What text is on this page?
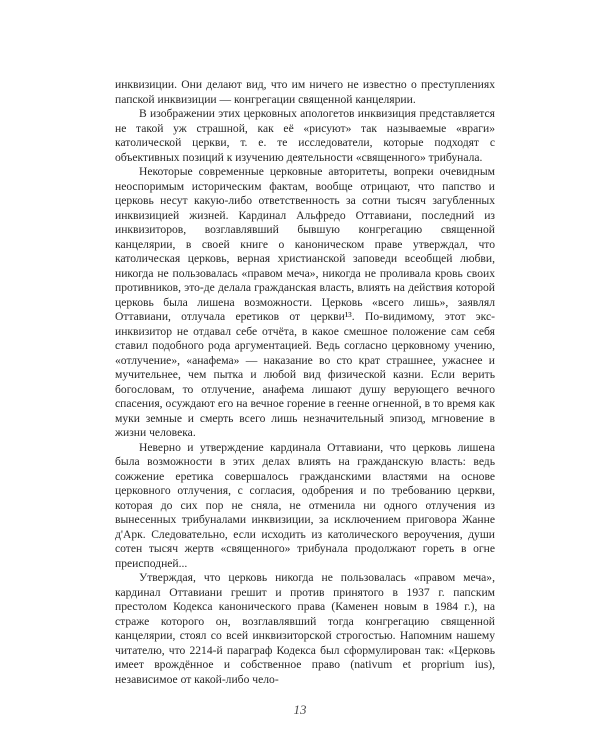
инквизиции. Они делают вид, что им ничего не известно о преступлениях папской инквизиции — конгрегации священной канцелярии.

В изображении этих церковных апологетов инквизиция представляется не такой уж страшной, как её «рисуют» так называемые «враги» католической церкви, т. е. те исследователи, которые подходят с объективных позиций к изучению деятельности «священного» трибунала.

Некоторые современные церковные авторитеты, вопреки очевидным неоспоримым историческим фактам, вообще отрицают, что папство и церковь несут какую-либо ответственность за сотни тысяч загубленных инквизицией жизней. Кардинал Альфредо Оттавиани, последний из инквизиторов, возглавлявший бывшую конгрегацию священной канцелярии, в своей книге о каноническом праве утверждал, что католическая церковь, верная христианской заповеди всеобщей любви, никогда не пользовалась «правом меча», никогда не проливала кровь своих противников, это-де делала гражданская власть, влиять на действия которой церковь была лишена возможности. Церковь «всего лишь», заявлял Оттавиани, отлучала еретиков от церкви¹³. По-видимому, этот экс-инквизитор не отдавал себе отчёта, в какое смешное положение сам себя ставил подобного рода аргументацией. Ведь согласно церковному учению, «отлучение», «анафема» — наказание во сто крат страшнее, ужаснее и мучительнее, чем пытка и любой вид физической казни. Если верить богословам, то отлучение, анафема лишают душу верующего вечного спасения, осуждают его на вечное горение в геенне огненной, в то время как муки земные и смерть всего лишь незначительный эпизод, мгновение в жизни человека.

Неверно и утверждение кардинала Оттавиани, что церковь лишена была возможности в этих делах влиять на гражданскую власть: ведь сожжение еретика совершалось гражданскими властями на основе церковного отлучения, с согласия, одобрения и по требованию церкви, которая до сих пор не сняла, не отменила ни одного отлучения из вынесенных трибуналами инквизиции, за исключением приговора Жанне д'Арк. Следовательно, если исходить из католического вероучения, души сотен тысяч жертв «священного» трибунала продолжают гореть в огне преисподней...

Утверждая, что церковь никогда не пользовалась «правом меча», кардинал Оттавиани грешит и против принятого в 1937 г. папским престолом Кодекса канонического права (Каменен новым в 1984 г.), на страже которого он, возглавлявший тогда конгрегацию священной канцелярии, стоял со всей инквизиторской строгостью. Напомним нашему читателю, что 2214-й параграф Кодекса был сформулирован так: «Церковь имеет врождённое и собственное право (nativum et proprium ius), независимое от какой-либо чело-

13
